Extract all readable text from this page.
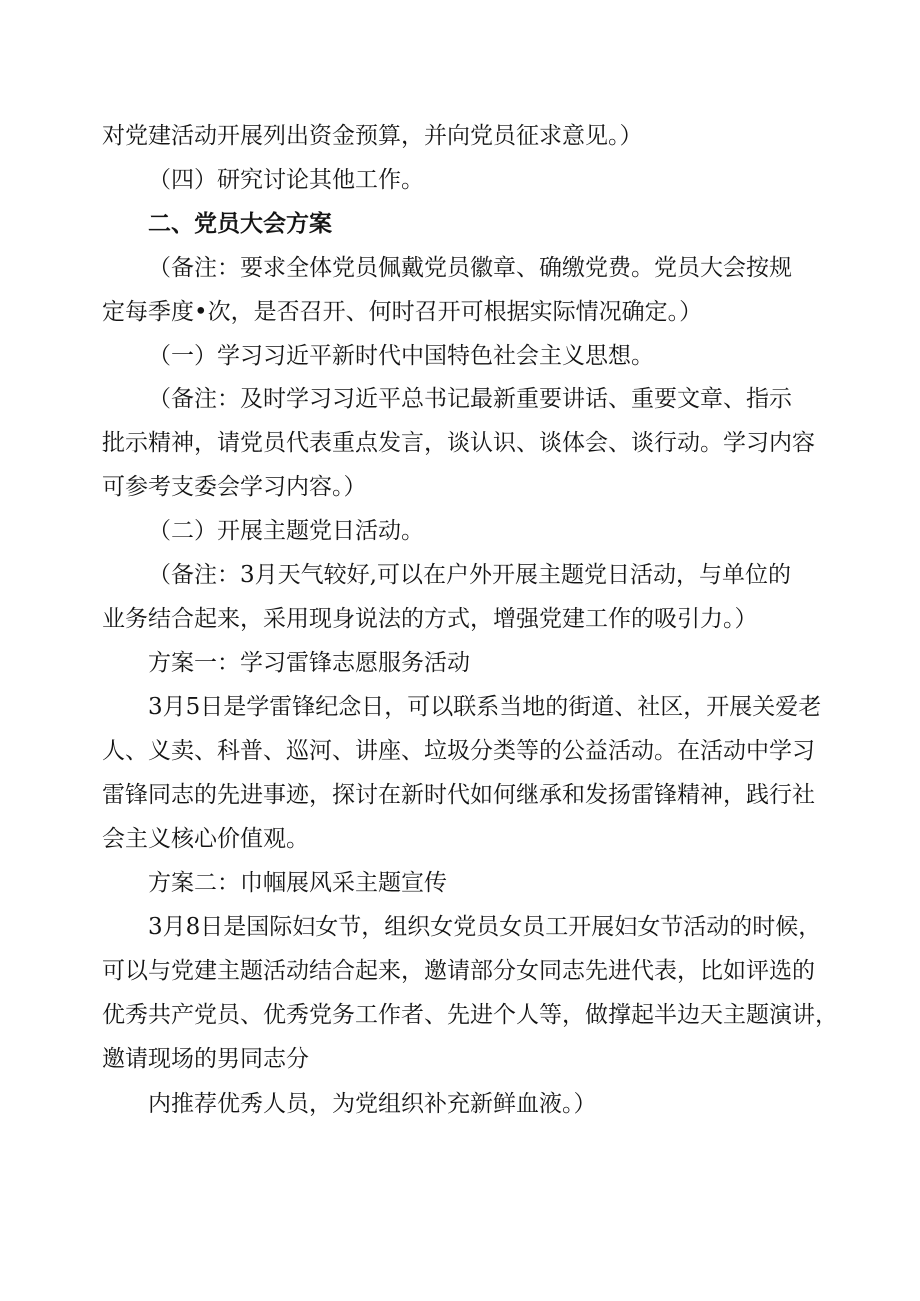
对党建活动开展列出资金预算，并向党员征求意见。）
（四）研究讨论其他工作。
二、党员大会方案
（备注：要求全体党员佩戴党员徽章、确缴党费。党员大会按规
定每季度•次，是否召开、何时召开可根据实际情况确定。）
（一）学习习近平新时代中国特色社会主义思想。
（备注：及时学习习近平总书记最新重要讲话、重要文章、指示
批示精神，请党员代表重点发言，谈认识、谈体会、谈行动。学习内容
可参考支委会学习内容。）
（二）开展主题党日活动。
（备注：3月天气较好,可以在户外开展主题党日活动，与单位的
业务结合起来，采用现身说法的方式，增强党建工作的吸引力。）
方案一：学习雷锋志愿服务活动
3月5日是学雷锋纪念日，可以联系当地的街道、社区，开展关爱老
人、义卖、科普、巡河、讲座、垃圾分类等的公益活动。在活动中学习
雷锋同志的先进事迹，探讨在新时代如何继承和发扬雷锋精神，践行社
会主义核心价值观。
方案二：巾帼展风采主题宣传
3月8日是国际妇女节，组织女党员女员工开展妇女节活动的时候，
可以与党建主题活动结合起来，邀请部分女同志先进代表，比如评选的
优秀共产党员、优秀党务工作者、先进个人等，做撑起半边天主题演讲，
邀请现场的男同志分
内推荐优秀人员，为党组织补充新鲜血液。）
